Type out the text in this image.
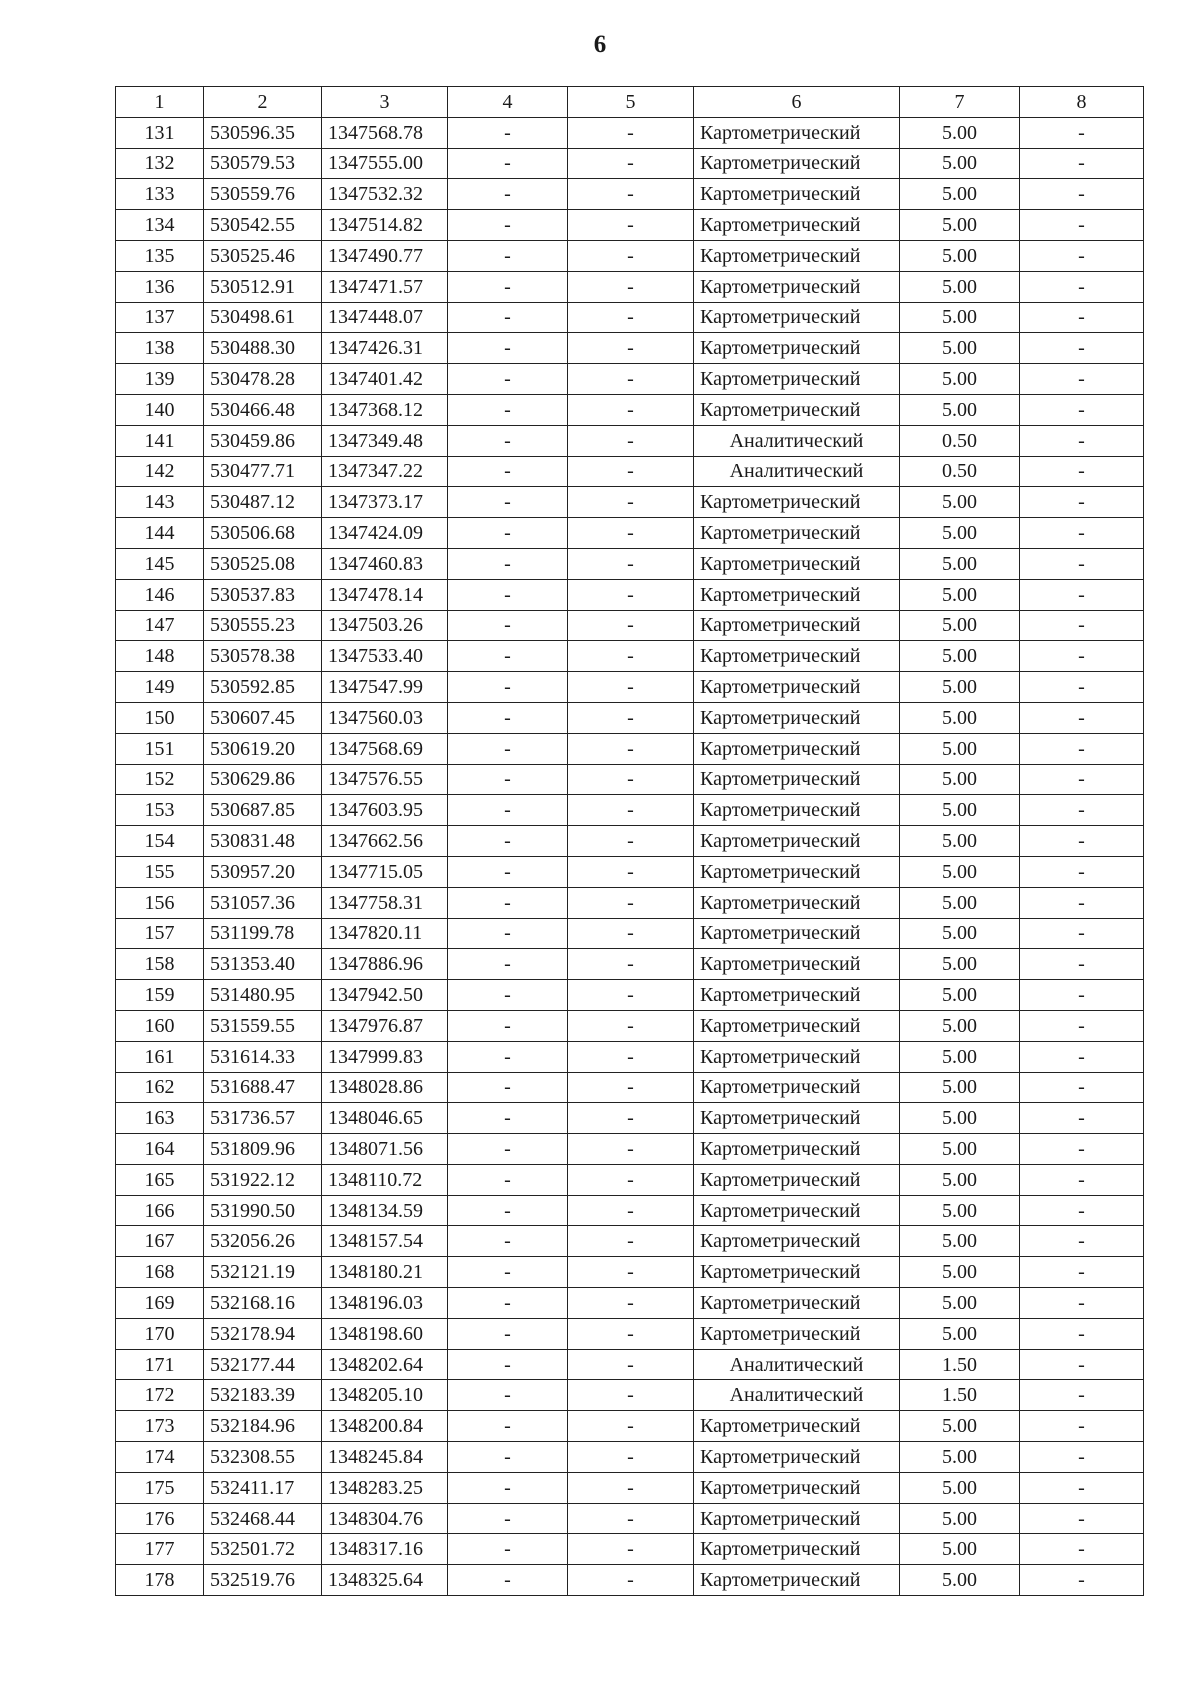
6
1	2	3	4	5	6	7	8
131	530596.35	1347568.78	-	-	Картометрический	5.00	-
132	530579.53	1347555.00	-	-	Картометрический	5.00	-
133	530559.76	1347532.32	-	-	Картометрический	5.00	-
134	530542.55	1347514.82	-	-	Картометрический	5.00	-
135	530525.46	1347490.77	-	-	Картометрический	5.00	-
136	530512.91	1347471.57	-	-	Картометрический	5.00	-
137	530498.61	1347448.07	-	-	Картометрический	5.00	-
138	530488.30	1347426.31	-	-	Картометрический	5.00	-
139	530478.28	1347401.42	-	-	Картометрический	5.00	-
140	530466.48	1347368.12	-	-	Картометрический	5.00	-
141	530459.86	1347349.48	-	-	Аналитический	0.50	-
142	530477.71	1347347.22	-	-	Аналитический	0.50	-
143	530487.12	1347373.17	-	-	Картометрический	5.00	-
144	530506.68	1347424.09	-	-	Картометрический	5.00	-
145	530525.08	1347460.83	-	-	Картометрический	5.00	-
146	530537.83	1347478.14	-	-	Картометрический	5.00	-
147	530555.23	1347503.26	-	-	Картометрический	5.00	-
148	530578.38	1347533.40	-	-	Картометрический	5.00	-
149	530592.85	1347547.99	-	-	Картометрический	5.00	-
150	530607.45	1347560.03	-	-	Картометрический	5.00	-
151	530619.20	1347568.69	-	-	Картометрический	5.00	-
152	530629.86	1347576.55	-	-	Картометрический	5.00	-
153	530687.85	1347603.95	-	-	Картометрический	5.00	-
154	530831.48	1347662.56	-	-	Картометрический	5.00	-
155	530957.20	1347715.05	-	-	Картометрический	5.00	-
156	531057.36	1347758.31	-	-	Картометрический	5.00	-
157	531199.78	1347820.11	-	-	Картометрический	5.00	-
158	531353.40	1347886.96	-	-	Картометрический	5.00	-
159	531480.95	1347942.50	-	-	Картометрический	5.00	-
160	531559.55	1347976.87	-	-	Картометрический	5.00	-
161	531614.33	1347999.83	-	-	Картометрический	5.00	-
162	531688.47	1348028.86	-	-	Картометрический	5.00	-
163	531736.57	1348046.65	-	-	Картометрический	5.00	-
164	531809.96	1348071.56	-	-	Картометрический	5.00	-
165	531922.12	1348110.72	-	-	Картометрический	5.00	-
166	531990.50	1348134.59	-	-	Картометрический	5.00	-
167	532056.26	1348157.54	-	-	Картометрический	5.00	-
168	532121.19	1348180.21	-	-	Картометрический	5.00	-
169	532168.16	1348196.03	-	-	Картометрический	5.00	-
170	532178.94	1348198.60	-	-	Картометрический	5.00	-
171	532177.44	1348202.64	-	-	Аналитический	1.50	-
172	532183.39	1348205.10	-	-	Аналитический	1.50	-
173	532184.96	1348200.84	-	-	Картометрический	5.00	-
174	532308.55	1348245.84	-	-	Картометрический	5.00	-
175	532411.17	1348283.25	-	-	Картометрический	5.00	-
176	532468.44	1348304.76	-	-	Картометрический	5.00	-
177	532501.72	1348317.16	-	-	Картометрический	5.00	-
178	532519.76	1348325.64	-	-	Картометрический	5.00	-
